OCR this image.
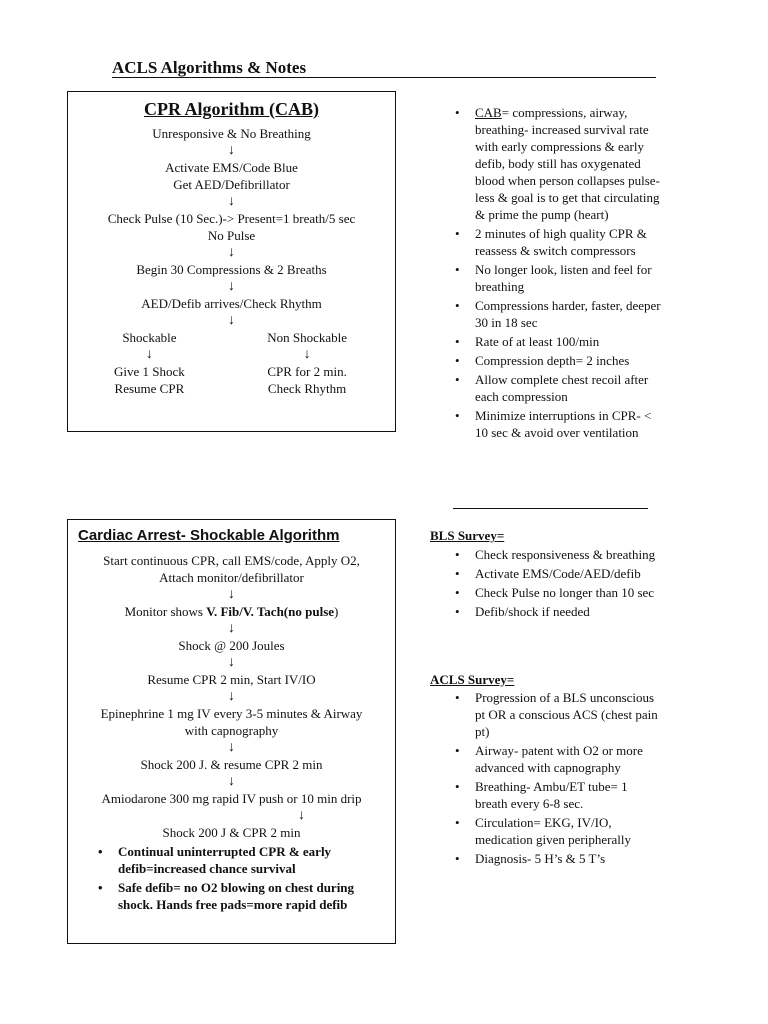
ACLS Algorithms & Notes
CPR Algorithm (CAB)
Unresponsive & No Breathing
↓
Activate EMS/Code Blue
Get AED/Defibrillator
↓
Check Pulse (10 Sec.)-> Present=1 breath/5 sec
No Pulse
↓
Begin 30 Compressions & 2 Breaths
↓
AED/Defib arrives/Check Rhythm
↓
Shockable
↓
Give 1 Shock
Resume CPR
Non Shockable
↓
CPR for 2 min.
Check Rhythm
• CAB= compressions, airway, breathing- increased survival rate with early compressions & early defib, body still has oxygenated blood when person collapses pulse-less & goal is to get that circulating & prime the pump (heart)
• 2 minutes of high quality CPR & reassess & switch compressors
• No longer look, listen and feel for breathing
• Compressions harder, faster, deeper 30 in 18 sec
• Rate of at least 100/min
• Compression depth= 2 inches
• Allow complete chest recoil after each compression
• Minimize interruptions in CPR- < 10 sec & avoid over ventilation
Cardiac Arrest- Shockable Algorithm
Start continuous CPR, call EMS/code, Apply O2,
Attach monitor/defibrillator
↓
Monitor shows V. Fib/V. Tach(no pulse)
↓
Shock @ 200 Joules
↓
Resume CPR 2 min, Start IV/IO
↓
Epinephrine 1 mg IV every 3-5 minutes & Airway
with capnography
↓
Shock 200 J. & resume CPR 2 min
↓
Amiodarone 300 mg rapid IV push or 10 min drip
↓
Shock 200 J & CPR 2 min
• Continual uninterrupted CPR & early defib=increased chance survival
• Safe defib= no O2 blowing on chest during shock. Hands free pads=more rapid defib
BLS Survey=
• Check responsiveness & breathing
• Activate EMS/Code/AED/defib
• Check Pulse no longer than 10 sec
• Defib/shock if needed
ACLS Survey=
• Progression of a BLS unconscious pt OR a conscious ACS (chest pain pt)
• Airway- patent with O2 or more advanced with capnography
• Breathing- Ambu/ET tube= 1 breath every 6-8 sec.
• Circulation= EKG, IV/IO, medication given peripherally
• Diagnosis- 5 H’s & 5 T’s
